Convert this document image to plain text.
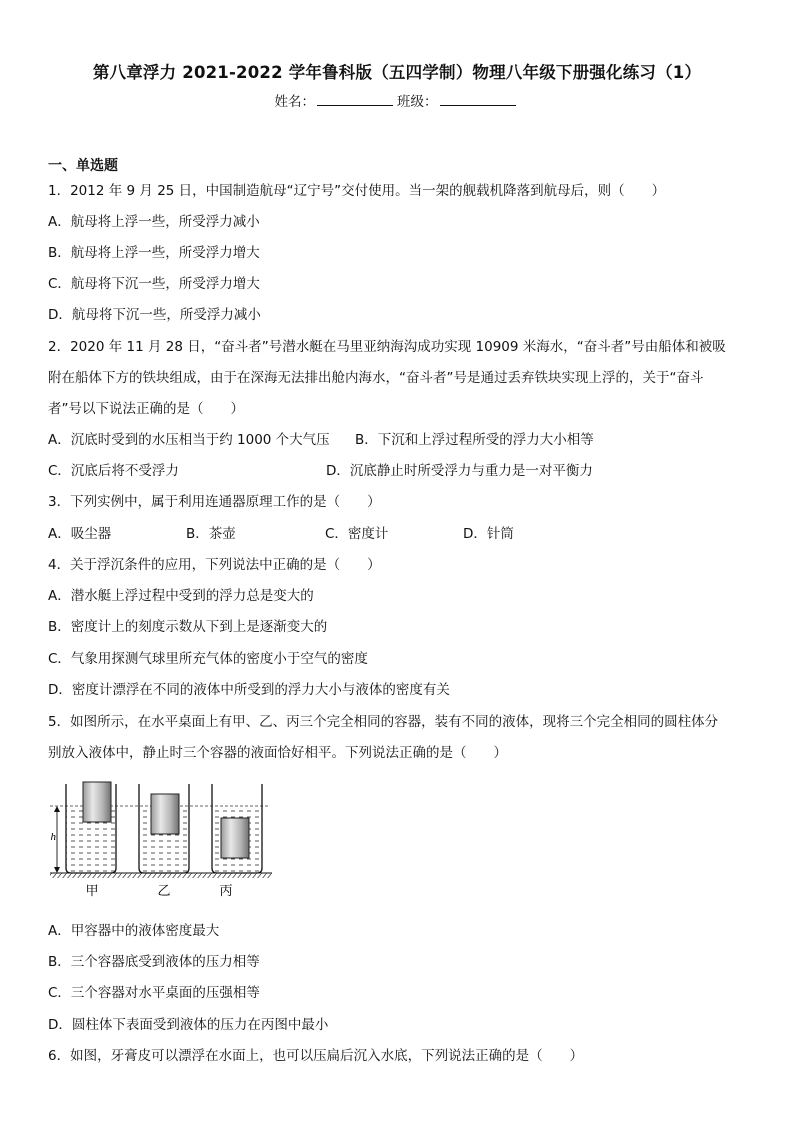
第八章浮力 2021-2022 学年鲁科版（五四学制）物理八年级下册强化练习（1）
姓名：	班级：
一、单选题
1．2012 年 9 月 25 日，中国制造航母“辽宁号”交付使用。当一架的舰载机降落到航母后，则（　　）
A．航母将上浮一些，所受浮力减小
B．航母将上浮一些，所受浮力增大
C．航母将下沉一些，所受浮力增大
D．航母将下沉一些，所受浮力减小
2．2020 年 11 月 28 日，“奋斗者”号潜水艇在马里亚纳海沟成功实现 10909 米海水，“奋斗者”号由船体和被吸
附在船体下方的铁块组成，由于在深海无法排出舱内海水，“奋斗者”号是通过丢弃铁块实现上浮的，关于“奋斗
者”号以下说法正确的是（　　）
A．沉底时受到的水压相当于约 1000 个大气压 B．下沉和上浮过程所受的浮力大小相等
C．沉底后将不受浮力	D．沉底静止时所受浮力与重力是一对平衡力
3．下列实例中，属于利用连通器原理工作的是（　　）
A．吸尘器	B．茶壶	C．密度计	D．针筒
4．关于浮沉条件的应用，下列说法中正确的是（　　）
A．潜水艇上浮过程中受到的浮力总是变大的
B．密度计上的刻度示数从下到上是逐渐变大的
C．气象用探测气球里所充气体的密度小于空气的密度
D．密度计漂浮在不同的液体中所受到的浮力大小与液体的密度有关
5．如图所示，在水平桌面上有甲、乙、丙三个完全相同的容器，装有不同的液体，现将三个完全相同的圆柱体分
别放入液体中，静止时三个容器的液面恰好相平。下列说法正确的是（　　）
h
甲	乙	丙
A．甲容器中的液体密度最大
B．三个容器底受到液体的压力相等
C．三个容器对水平桌面的压强相等
D．圆柱体下表面受到液体的压力在丙图中最小
6．如图，牙膏皮可以漂浮在水面上，也可以压扁后沉入水底，下列说法正确的是（　　）
